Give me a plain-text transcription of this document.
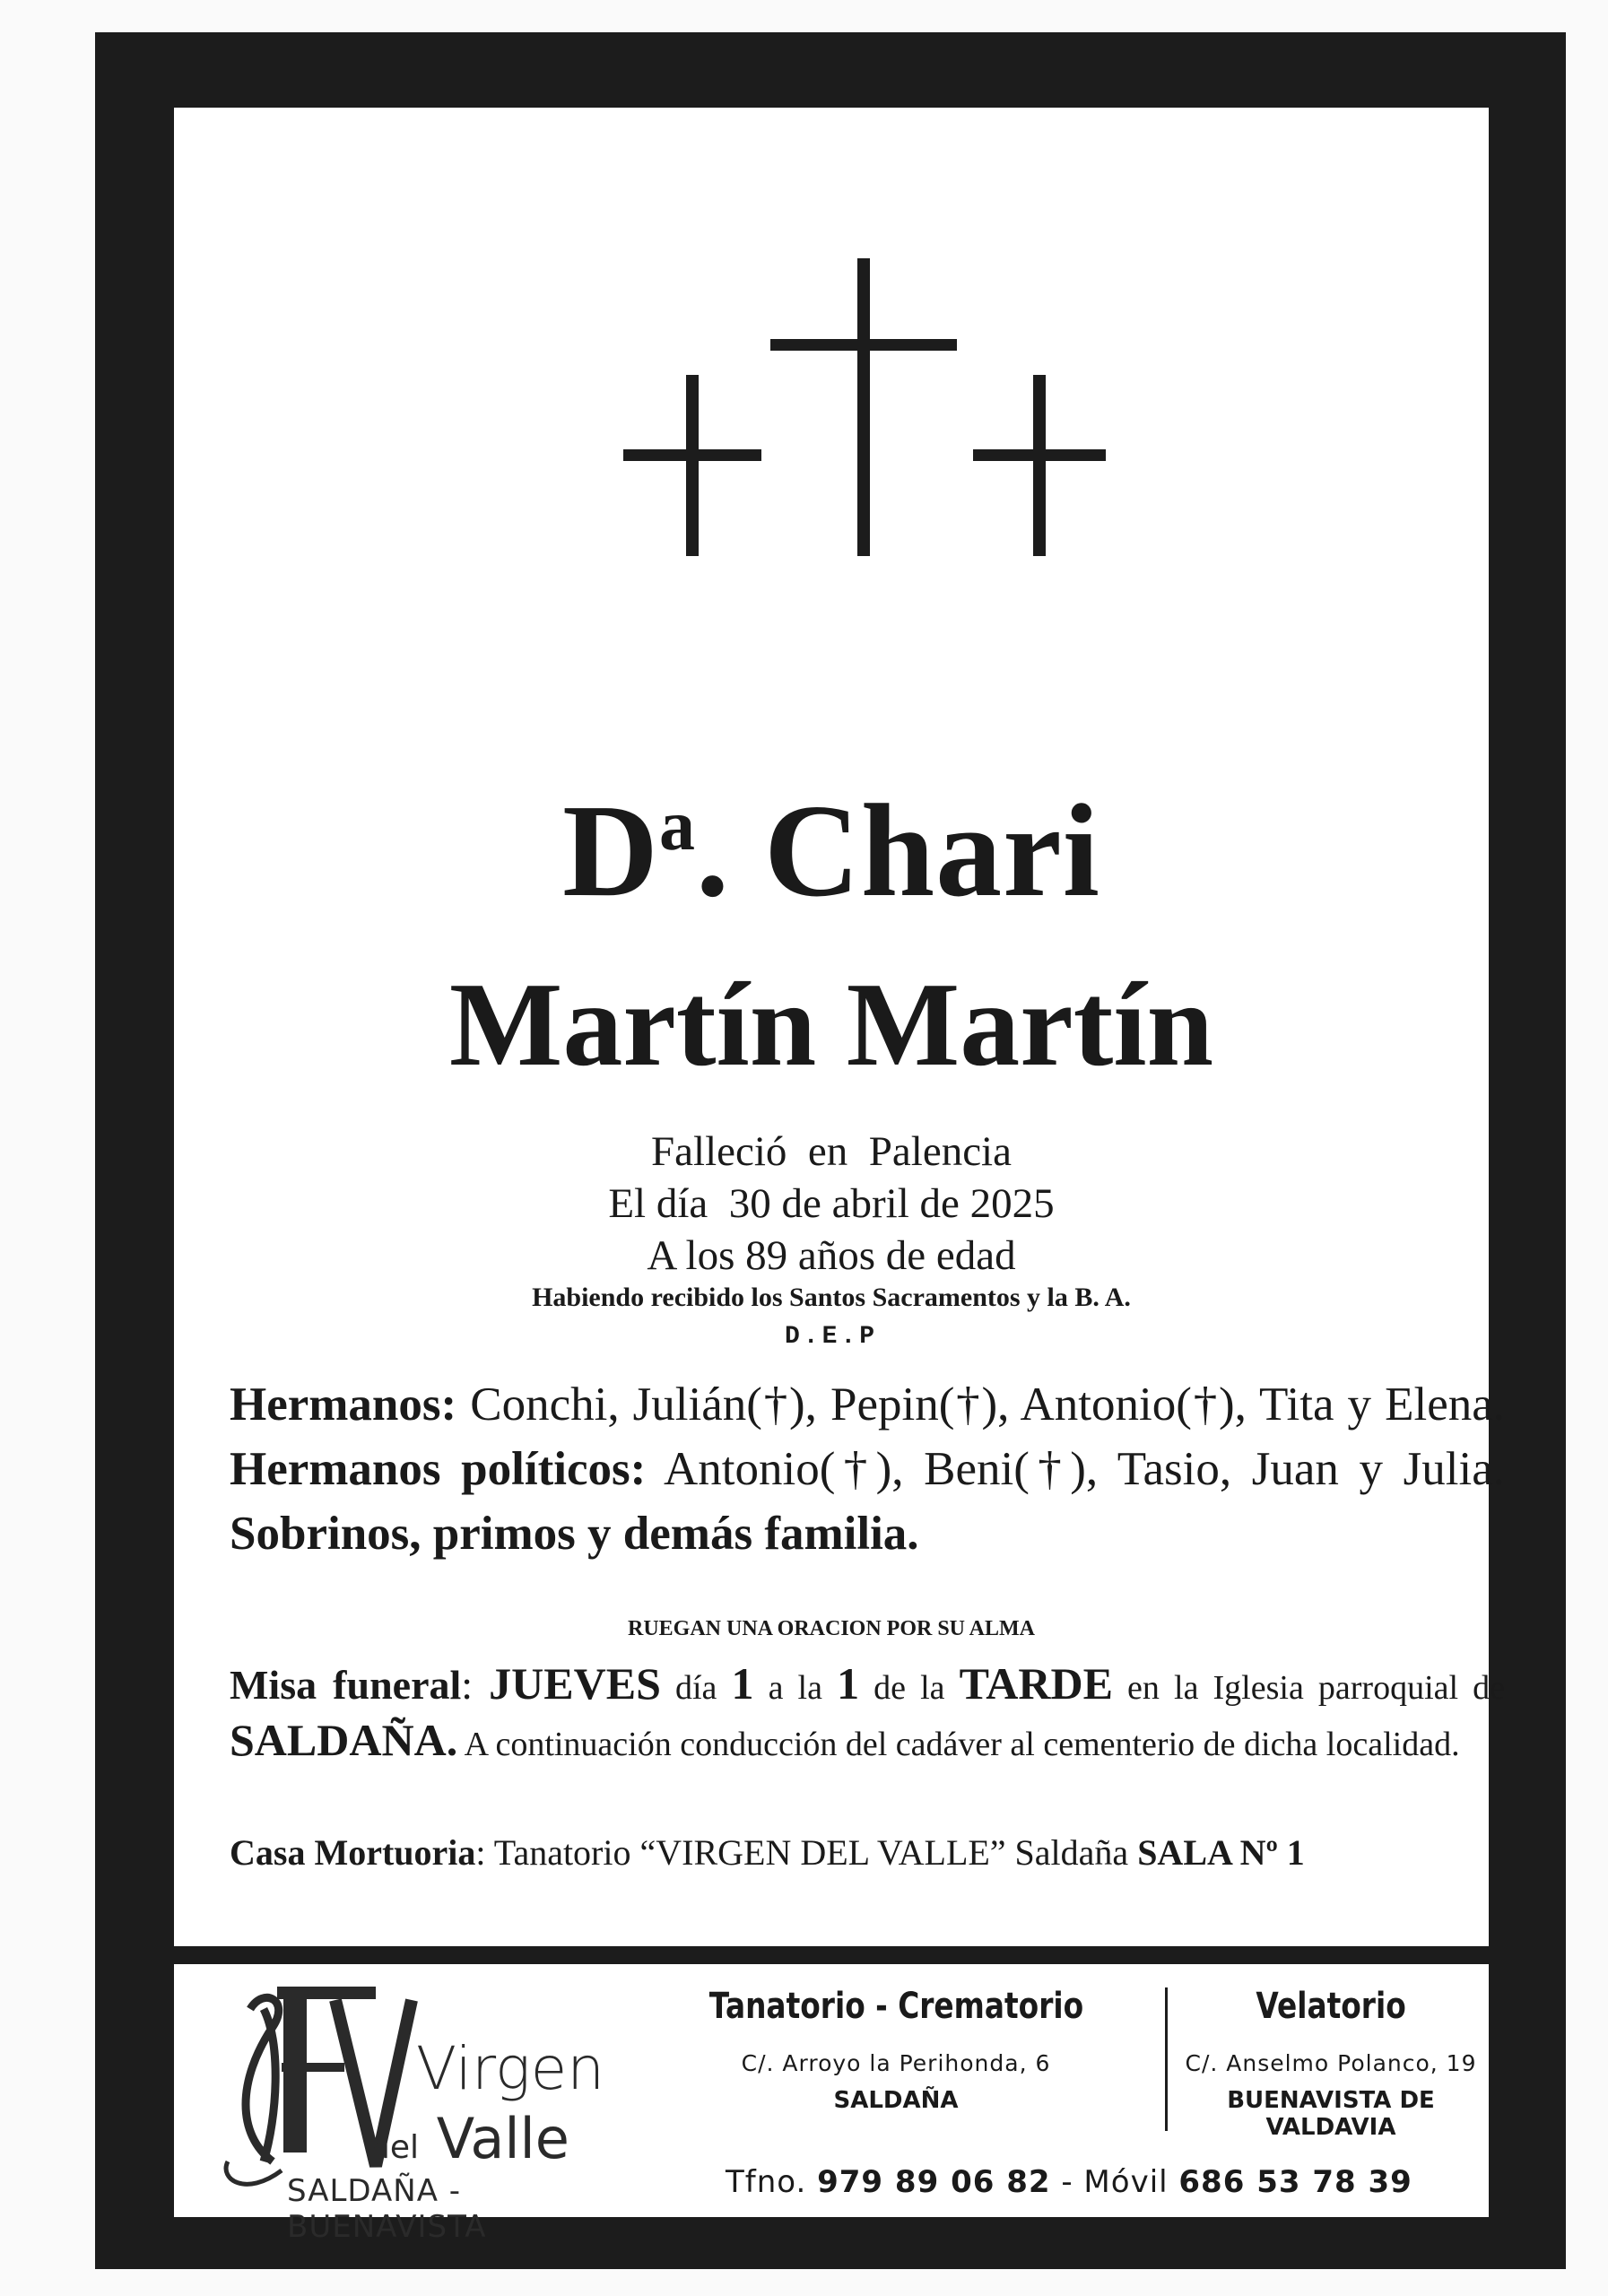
$D^a$. Chari
Martín Martín
Falleció  en  Palencia
El día  30 de abril de 2025
A los 89 años de edad
Habiendo recibido los Santos Sacramentos y la B. A.
D.E.P
Hermanos: Conchi, Julián(†), Pepin(†), Antonio(†), Tita y Elena. Hermanos políticos: Antonio(†), Beni(†), Tasio, Juan y Julia. Sobrinos, primos y demás familia.
RUEGAN UNA ORACION POR SU ALMA
Misa funeral: JUEVES día 1 a la 1 de la TARDE en la Iglesia parroquial de SALDAÑA. A continuación conducción del cadáver al cementerio de dicha localidad.
Casa Mortuoria: Tanatorio “VIRGEN DEL VALLE” Saldaña SALA Nº 1
Virgen
del Valle
SALDAÑA - BUENAVISTA
Tanatorio - Crematorio
C/. Arroyo la Perihonda, 6
SALDAÑA
Velatorio
C/. Anselmo Polanco, 19
BUENAVISTA DE VALDAVIA
Tfno. 979 89 06 82 - Móvil 686 53 78 39
